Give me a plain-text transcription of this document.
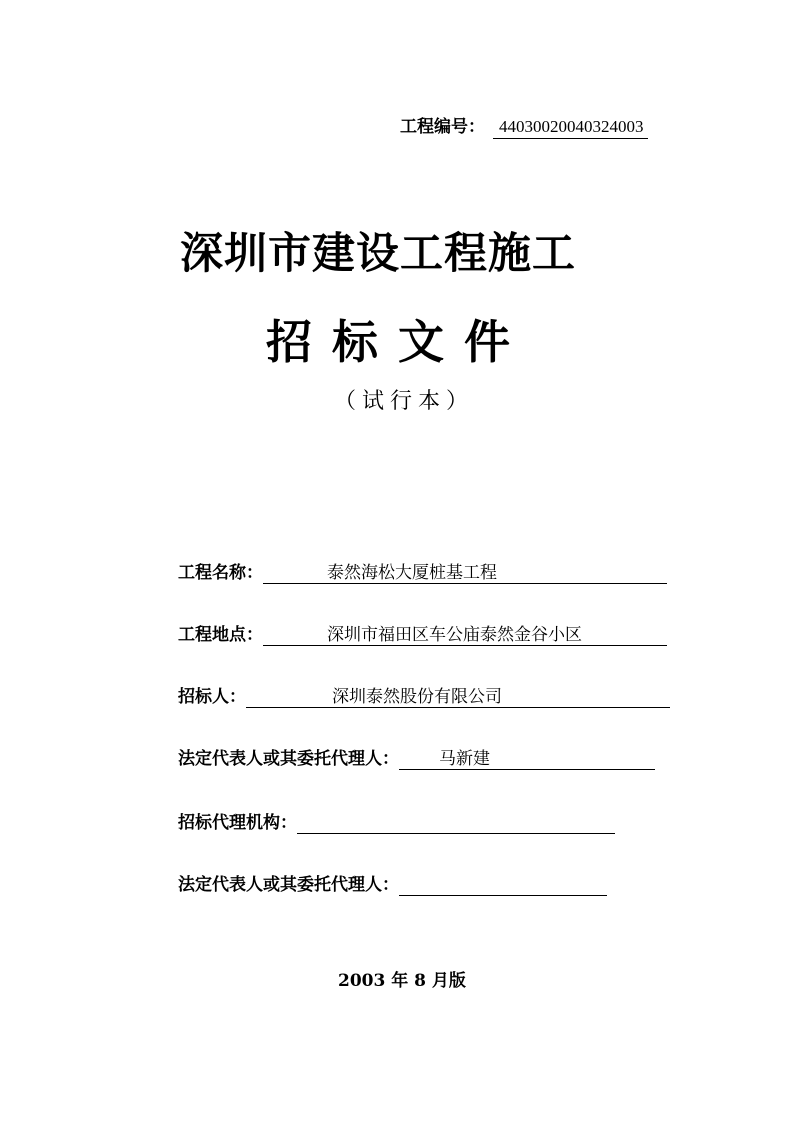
工程编号： 44030020040324003
深圳市建设工程施工
招标文件
（试行本）
工程名称：	泰然海松大厦桩基工程
工程地点：	深圳市福田区车公庙泰然金谷小区
招标人：	深圳泰然股份有限公司
法定代表人或其委托代理人：	马新建
招标代理机构：
法定代表人或其委托代理人：
2003 年 8 月版
